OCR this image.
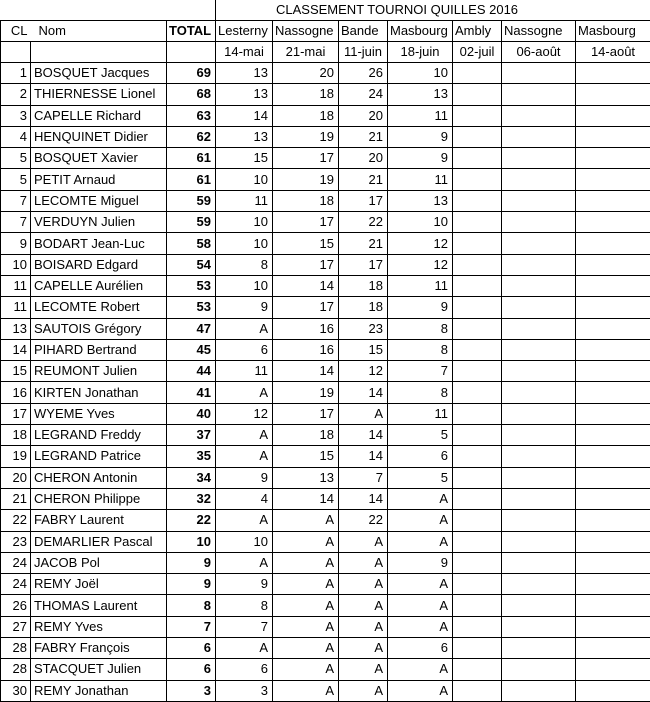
			CLASSEMENT TOURNOI QUILLES 2016						
CL	Nom	TOTAL	Lesterny	Nassogne	Bande	Masbourg	Ambly	Nassogne	Masbourg
			14-mai	21-mai	11-juin	18-juin	02-juil	06-août	14-août
1	BOSQUET Jacques	69	13	20	26	10			
2	THIERNESSE Lionel	68	13	18	24	13			
3	CAPELLE Richard	63	14	18	20	11			
4	HENQUINET Didier	62	13	19	21	9			
5	BOSQUET Xavier	61	15	17	20	9			
5	PETIT Arnaud	61	10	19	21	11			
7	LECOMTE Miguel	59	11	18	17	13			
7	VERDUYN Julien	59	10	17	22	10			
9	BODART Jean-Luc	58	10	15	21	12			
10	BOISARD Edgard	54	8	17	17	12			
11	CAPELLE Aurélien	53	10	14	18	11			
11	LECOMTE Robert	53	9	17	18	9			
13	SAUTOIS Grégory	47	A	16	23	8			
14	PIHARD Bertrand	45	6	16	15	8			
15	REUMONT Julien	44	11	14	12	7			
16	KIRTEN Jonathan	41	A	19	14	8			
17	WYEME Yves	40	12	17	A	11			
18	LEGRAND Freddy	37	A	18	14	5			
19	LEGRAND Patrice	35	A	15	14	6			
20	CHERON Antonin	34	9	13	7	5			
21	CHERON Philippe	32	4	14	14	A			
22	FABRY Laurent	22	A	A	22	A			
23	DEMARLIER Pascal	10	10	A	A	A			
24	JACOB Pol	9	A	A	A	9			
24	REMY Joël	9	9	A	A	A			
26	THOMAS Laurent	8	8	A	A	A			
27	REMY Yves	7	7	A	A	A			
28	FABRY François	6	A	A	A	6			
28	STACQUET Julien	6	6	A	A	A			
30	REMY Jonathan	3	3	A	A	A			
